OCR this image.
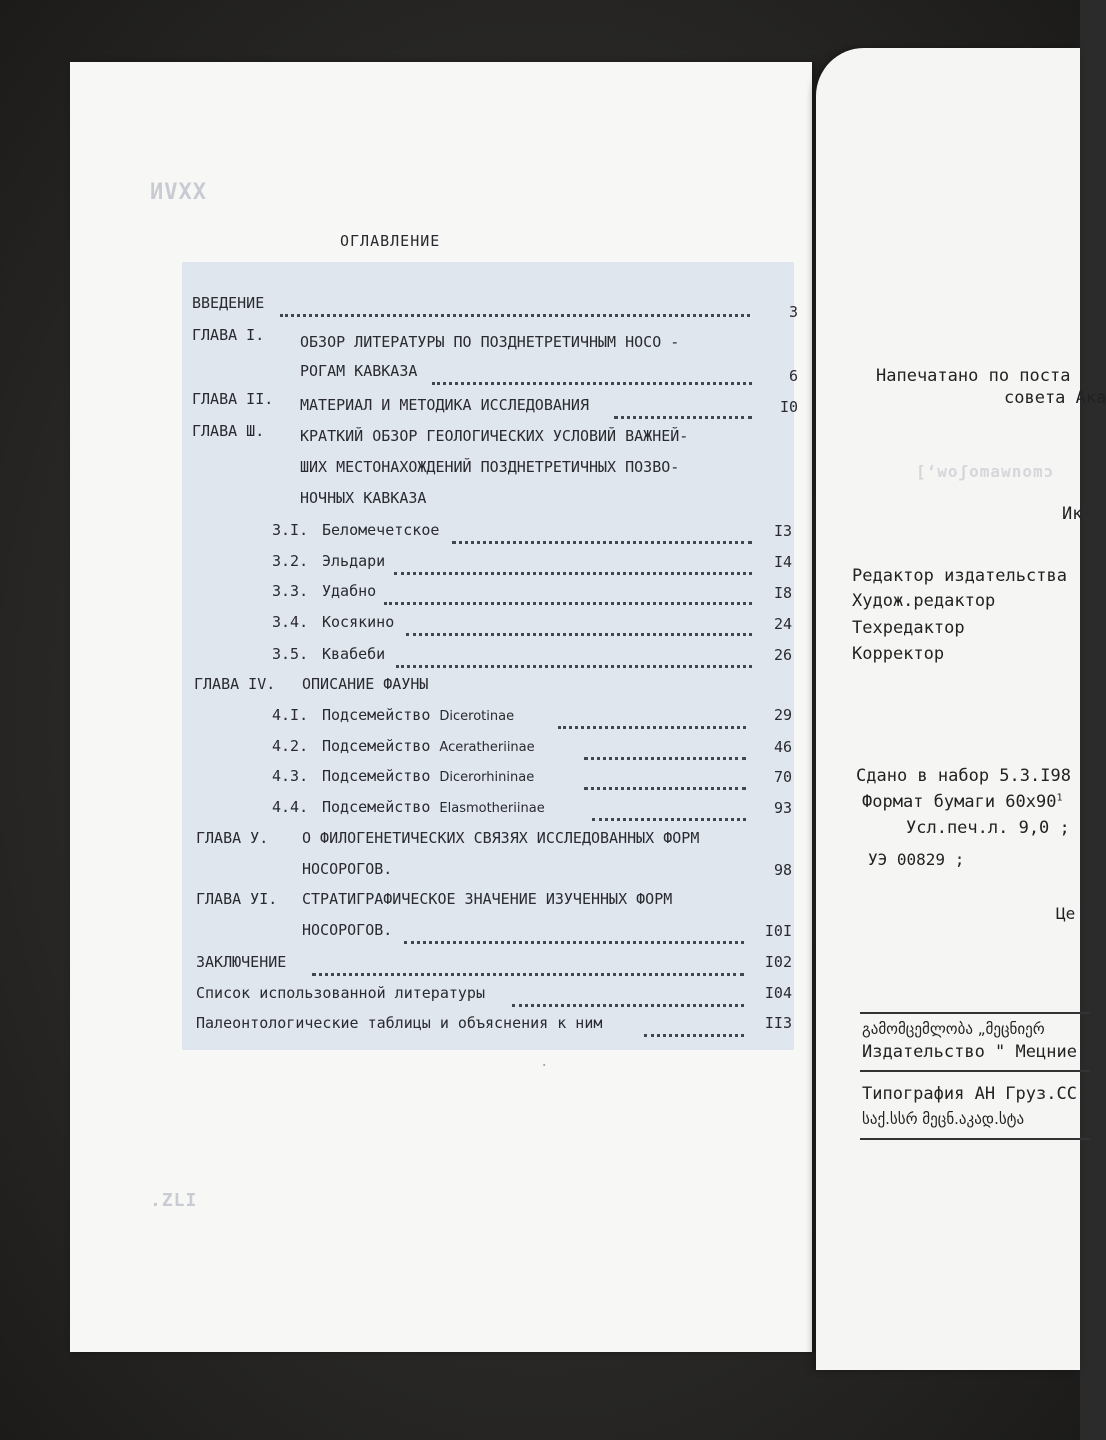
ИVXX
.ZLI
ОГЛАВЛЕНИЕ
ВВЕДЕНИЕ	3
ГЛАВА I. ОБЗОР ЛИТЕРАТУРЫ ПО ПОЗДНЕТРЕТИЧНЫМ НОСО -
РОГАМ КАВКАЗА	6
ГЛАВА II. МАТЕРИАЛ И МЕТОДИКА ИССЛЕДОВАНИЯ	I0
ГЛАВА Ш. КРАТКИЙ ОБЗОР ГЕОЛОГИЧЕСКИХ УСЛОВИЙ ВАЖНЕЙ-
ШИХ МЕСТОНАХОЖДЕНИЙ ПОЗДНЕТРЕТИЧНЫХ ПОЗВО-
НОЧНЫХ КАВКАЗА
3.I. Беломечетское	I3
3.2. Эльдари	I4
3.3. Удабно	I8
3.4. Косякино	24
3.5. Квабеби	26
ГЛАВА IV. ОПИСАНИЕ ФАУНЫ
4.I. Подсемейство Dicerotinae	29
4.2. Подсемейство Aceratheriinae	46
4.3. Подсемейство Dicerorhininae	70
4.4. Подсемейство Elasmotheriinae	93
ГЛАВА У. О ФИЛОГЕНЕТИЧЕСКИХ СВЯЗЯХ ИССЛЕДОВАННЫХ ФОРМ
НОСОРОГОВ.	98
ГЛАВА УI. СТРАТИГРАФИЧЕСКОЕ ЗНАЧЕНИЕ ИЗУЧЕННЫХ ФОРМ
НОСОРОГОВ.	I0I
ЗАКЛЮЧЕНИЕ	I02
Список использованной литературы	I04
Палеонтологические таблицы и объяснения к ним	II3
·
[ʻwoʃomawnomɔ
Напечатано по поста
совета Ака
Ик
Редактор издательства
Худож.редактор
Техредактор
Корректор
Сдано в набор 5.3.I98
Формат бумаги $60x90^1$
Усл.печ.л. 9,0 ;
УЭ 00829 ;
Це
გამომცემლობა „მეცნიერ
Издательство " Мецние
Типография АН Груз.СС
საქ.სსრ მეცნ.აკად.სტა
